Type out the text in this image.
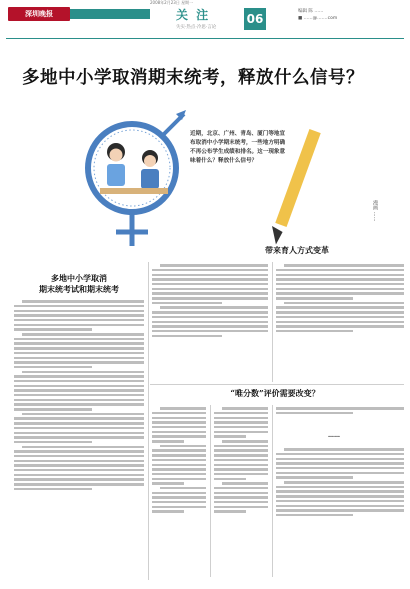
2008年2月23日 星期一
深圳晚报	关 注
失实·热点·冷思·言论
06
编辑 陈 ……
■ ……@…….com
多地中小学取消期末统考，释放什么信号？
近期，北京、广州、青岛、厦门等地宣布取消中小学期末统考，一些地方明确不再公布学生成绩和排名。这一现象意味着什么？释放什么信号？
漫画 ……
多地中小学取消
期末统考试和期末统考
带来育人方式变革
“唯分数”评价需要改变？
……
